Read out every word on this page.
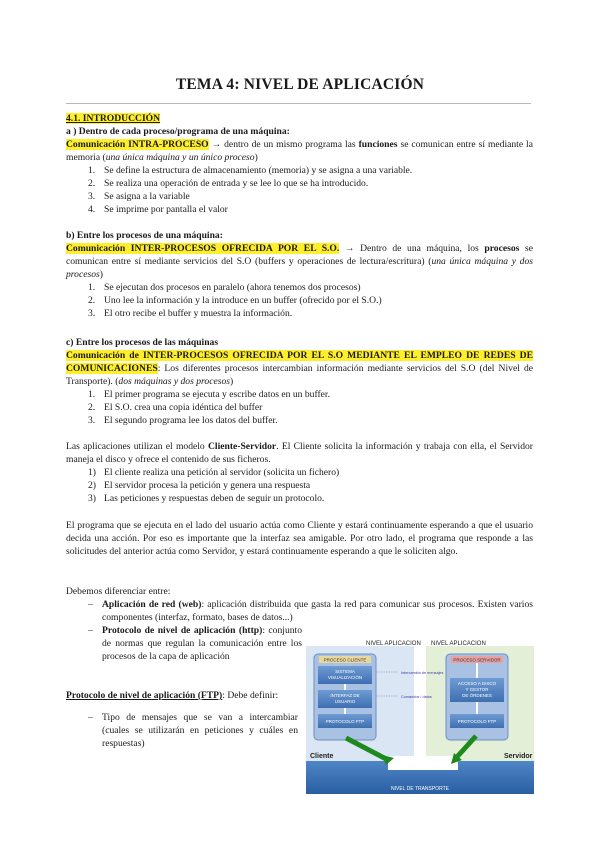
TEMA 4: NIVEL DE APLICACIÓN
4.1. INTRODUCCIÓN
a ) Dentro de cada proceso/programa de una máquina:
Comunicación INTRA-PROCESO → dentro de un mismo programa las funciones se comunican entre sí mediante la memoria (una única máquina y un único proceso)
1. Se define la estructura de almacenamiento (memoria) y se asigna a una variable.
2. Se realiza una operación de entrada y se lee lo que se ha introducido.
3. Se asigna a la variable
4. Se imprime por pantalla el valor
b) Entre los procesos de una máquina:
Comunicación INTER-PROCESOS OFRECIDA POR EL S.O. → Dentro de una máquina, los procesos se comunican entre sí mediante servicios del S.O (buffers y operaciones de lectura/escritura) (una única máquina y dos procesos)
1. Se ejecutan dos procesos en paralelo (ahora tenemos dos procesos)
2. Uno lee la información y la introduce en un buffer (ofrecido por el S.O.)
3. El otro recibe el buffer y muestra la información.
c) Entre los procesos de las máquinas
Comunicación de INTER-PROCESOS OFRECIDA POR EL S.O MEDIANTE EL EMPLEO DE REDES DE COMUNICACIONES: Los diferentes procesos intercambian información mediante servicios del S.O (del Nivel de Transporte). (dos máquinas y dos procesos)
1. El primer programa se ejecuta y escribe datos en un buffer.
2. El S.O. crea una copia idéntica del buffer
3. El segundo programa lee los datos del buffer.
Las aplicaciones utilizan el modelo Cliente-Servidor. El Cliente solicita la información y trabaja con ella, el Servidor maneja el disco y ofrece el contenido de sus ficheros.
1) El cliente realiza una petición al servidor (solicita un fichero)
2) El servidor procesa la petición y genera una respuesta
3) Las peticiones y respuestas deben de seguir un protocolo.
El programa que se ejecuta en el lado del usuario actúa como Cliente y estará continuamente esperando a que el usuario decida una acción. Por eso es importante que la interfaz sea amigable. Por otro lado, el programa que responde a las solicitudes del anterior actúa como Servidor, y estará continuamente esperando a que le soliciten algo.
Debemos diferenciar entre:
– Aplicación de red (web): aplicación distribuida que gasta la red para comunicar sus procesos. Existen varios componentes (interfaz, formato, bases de datos...)
– Protocolo de nivel de aplicación (http): conjunto de normas que regulan la comunicación entre los procesos de la capa de aplicación
Protocolo de nivel de aplicación (FTP): Debe definir:
– Tipo de mensajes que se van a intercambiar (cuales se utilizarán en peticiones y cuáles en respuestas)
NIVEL APLICACION NIVEL APLICACION
PROCESO CLIENTE
SISTEMA
VISUALIZACIÓN
INTERFAZ DE
USUARIO
PROTOCOLO FTP
PROCESO SERVIDOR
ACCESO A DISCO
Y GESTOR
DE ÓRDENES
PROTOCOLO FTP
Intercambio de mensajes
Comandos / datos
NIVEL DE TRANSPORTE
Cliente	Servidor
